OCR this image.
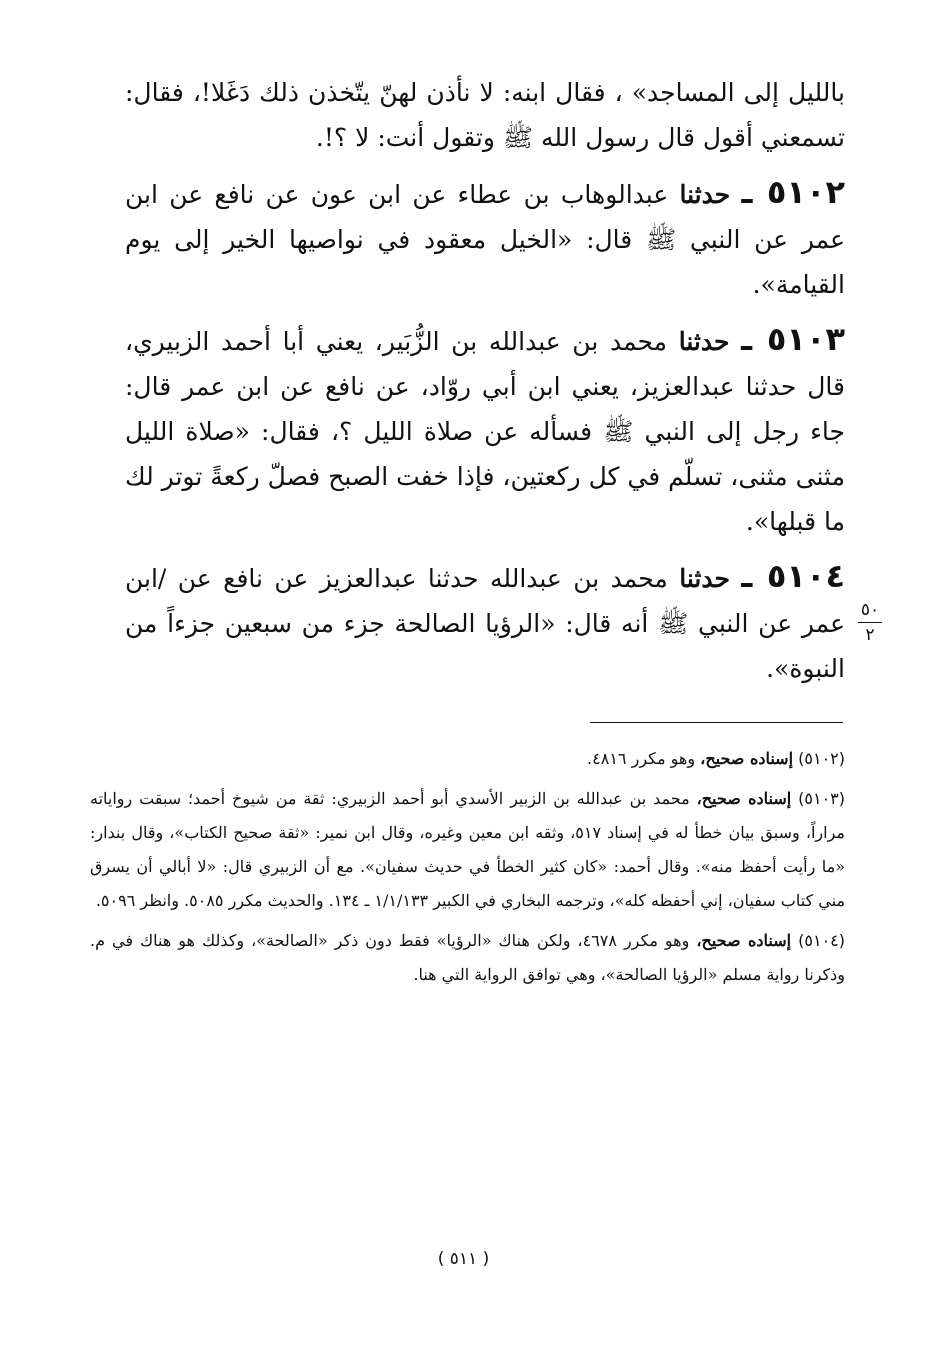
بالليل إلى المساجد» ، فقال ابنه: لا نأذن لهنّ يتّخذن ذلك دَغَلا!، فقال: تسمعني أقول قال رسول الله ﷺ وتقول أنت: لا ؟!.

٥١٠٢ ـ حدثنا عبدالوهاب بن عطاء عن ابن عون عن نافع عن ابن عمر عن النبي ﷺ قال: «الخيل معقود في نواصيها الخير إلى يوم القيامة».

٥١٠٣ ـ حدثنا محمد بن عبدالله بن الزُّبَير، يعني أبا أحمد الزبيري، قال حدثنا عبدالعزيز، يعني ابن أبي روّاد، عن نافع عن ابن عمر قال: جاء رجل إلى النبي ﷺ فسأله عن صلاة الليل ؟، فقال: «صلاة الليل مثنى مثنى، تسلّم في كل ركعتين، فإذا خفت الصبح فصلّ ركعةً توتر لك ما قبلها».

٥١٠٤ ـ حدثنا محمد بن عبدالله حدثنا عبدالعزيز عن نافع عن /ابن عمر عن النبي ﷺ أنه قال: «الرؤيا الصالحة جزء من سبعين جزءاً من النبوة».

٥٠
٢

(٥١٠٢) إسناده صحيح، وهو مكرر ٤٨١٦.

(٥١٠٣) إسناده صحيح، محمد بن عبدالله بن الزبير الأسدي أبو أحمد الزبيري: ثقة من شيوخ أحمد؛ سبقت رواياته مراراً، وسبق بيان خطأ له في إسناد ٥١٧، وثقه ابن معين وغيره، وقال ابن نمير: «ثقة صحيح الكتاب»، وقال بندار: «ما رأيت أحفظ منه». وقال أحمد: «كان كثير الخطأ في حديث سفيان». مع أن الزبيري قال: «لا أبالي أن يسرق مني كتاب سفيان، إني أحفظه كله»، وترجمه البخاري في الكبير ١/١/١٣٣ ـ ١٣٤. والحديث مكرر ٥٠٨٥. وانظر ٥٠٩٦.

(٥١٠٤) إسناده صحيح، وهو مكرر ٤٦٧٨، ولكن هناك «الرؤيا» فقط دون ذكر «الصالحة»، وكذلك هو هناك في م. وذكرنا رواية مسلم «الرؤيا الصالحة»، وهي توافق الرواية التي هنا.

( ٥١١ )
